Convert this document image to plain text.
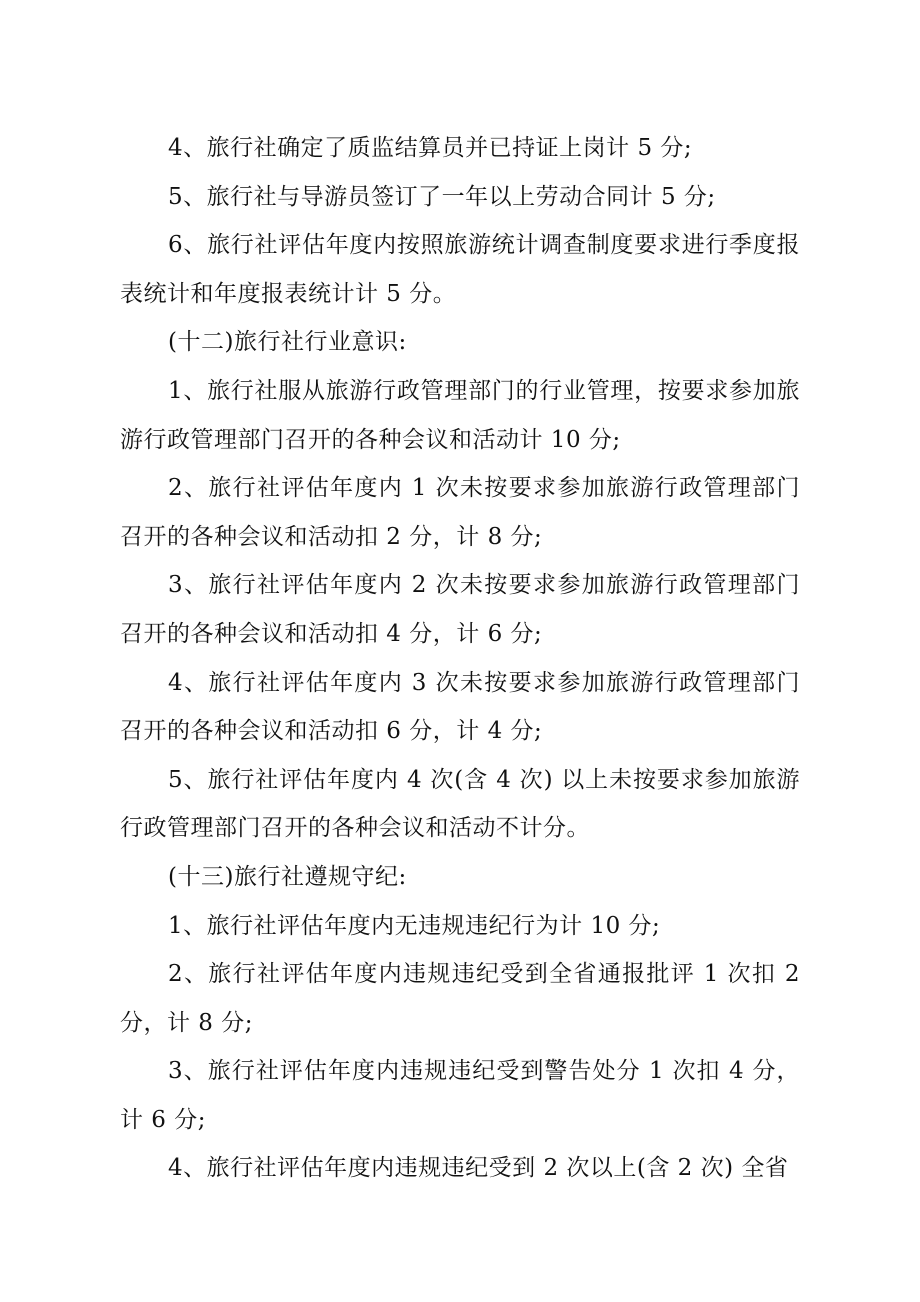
4、旅行社确定了质监结算员并已持证上岗计 5 分;

5、旅行社与导游员签订了一年以上劳动合同计 5 分;

6、旅行社评估年度内按照旅游统计调查制度要求进行季度报表统计和年度报表统计计 5 分。

(十二)旅行社行业意识:

1、旅行社服从旅游行政管理部门的行业管理，按要求参加旅游行政管理部门召开的各种会议和活动计 10 分;

2、旅行社评估年度内 1 次未按要求参加旅游行政管理部门召开的各种会议和活动扣 2 分，计 8 分;

3、旅行社评估年度内 2 次未按要求参加旅游行政管理部门召开的各种会议和活动扣 4 分，计 6 分;

4、旅行社评估年度内 3 次未按要求参加旅游行政管理部门召开的各种会议和活动扣 6 分，计 4 分;

5、旅行社评估年度内 4 次(含 4 次) 以上未按要求参加旅游行政管理部门召开的各种会议和活动不计分。

(十三)旅行社遵规守纪:

1、旅行社评估年度内无违规违纪行为计 10 分;

2、旅行社评估年度内违规违纪受到全省通报批评 1 次扣 2 分，计 8 分;

3、旅行社评估年度内违规违纪受到警告处分 1 次扣 4 分，计 6 分;

4、旅行社评估年度内违规违纪受到 2 次以上(含 2 次) 全省
